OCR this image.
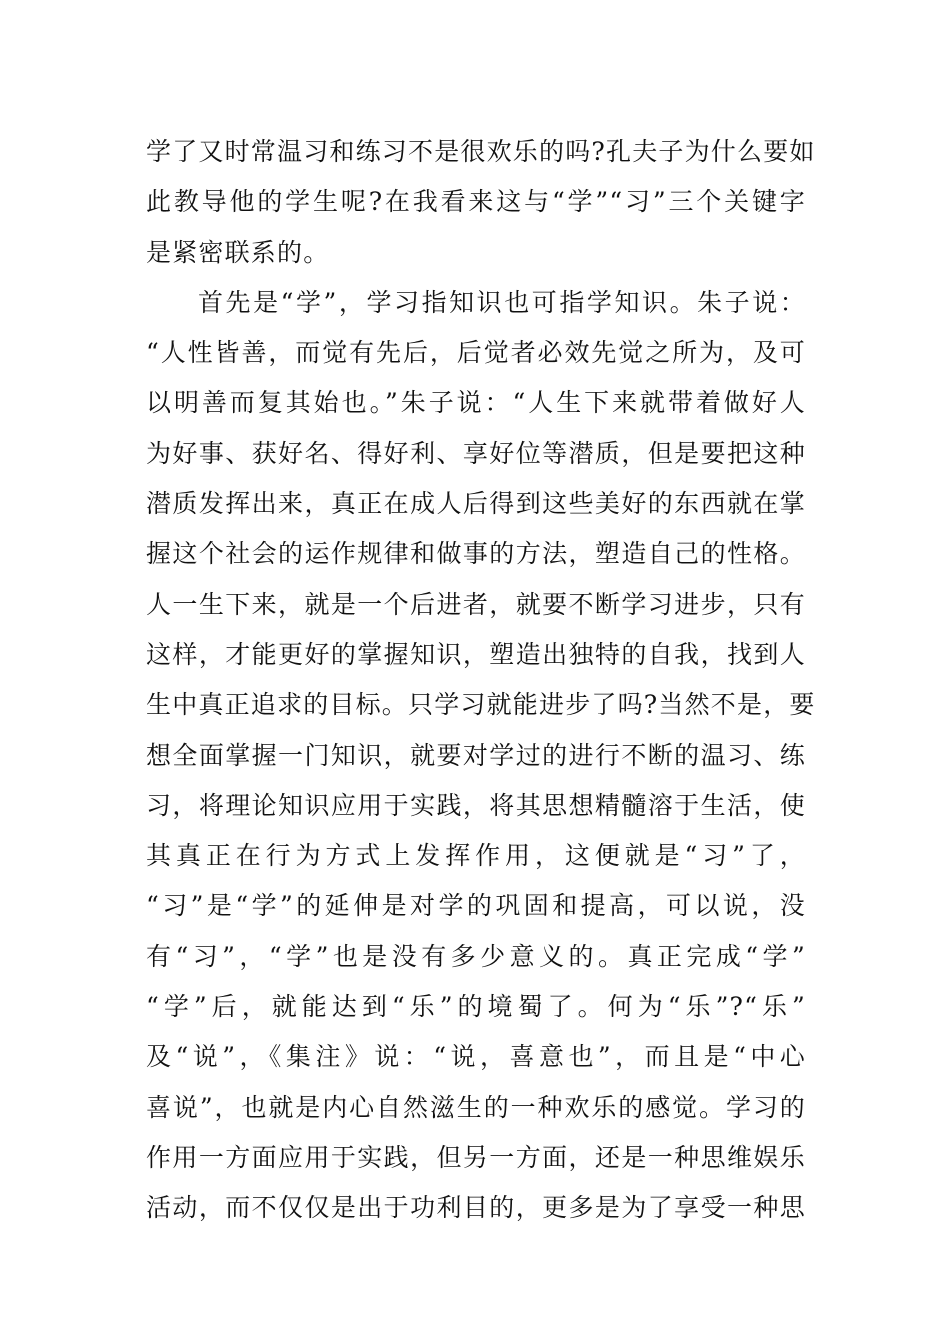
学了又时常温习和练习不是很欢乐的吗?孔夫子为什么要如
此教导他的学生呢?在我看来这与“学”“习”三个关键字
是紧密联系的。
首先是“学”，学习指知识也可指学知识。朱子说：
“人性皆善，而觉有先后，后觉者必效先觉之所为，及可
以明善而复其始也。”朱子说：“人生下来就带着做好人
为好事、获好名、得好利、享好位等潜质，但是要把这种
潜质发挥出来，真正在成人后得到这些美好的东西就在掌
握这个社会的运作规律和做事的方法，塑造自己的性格。
人一生下来，就是一个后进者，就要不断学习进步，只有
这样，才能更好的掌握知识，塑造出独特的自我，找到人
生中真正追求的目标。只学习就能进步了吗?当然不是，要
想全面掌握一门知识，就要对学过的进行不断的温习、练
习，将理论知识应用于实践，将其思想精髓溶于生活，使
其真正在行为方式上发挥作用，这便就是“习”了，
“习”是“学”的延伸是对学的巩固和提高，可以说，没
有“习”，“学”也是没有多少意义的。真正完成“学”
“学”后，就能达到“乐”的境蜀了。何为“乐”?“乐”
及“说”，《集注》说：“说，喜意也”，而且是“中心
喜说”，也就是内心自然滋生的一种欢乐的感觉。学习的
作用一方面应用于实践，但另一方面，还是一种思维娱乐
活动，而不仅仅是出于功利目的，更多是为了享受一种思
